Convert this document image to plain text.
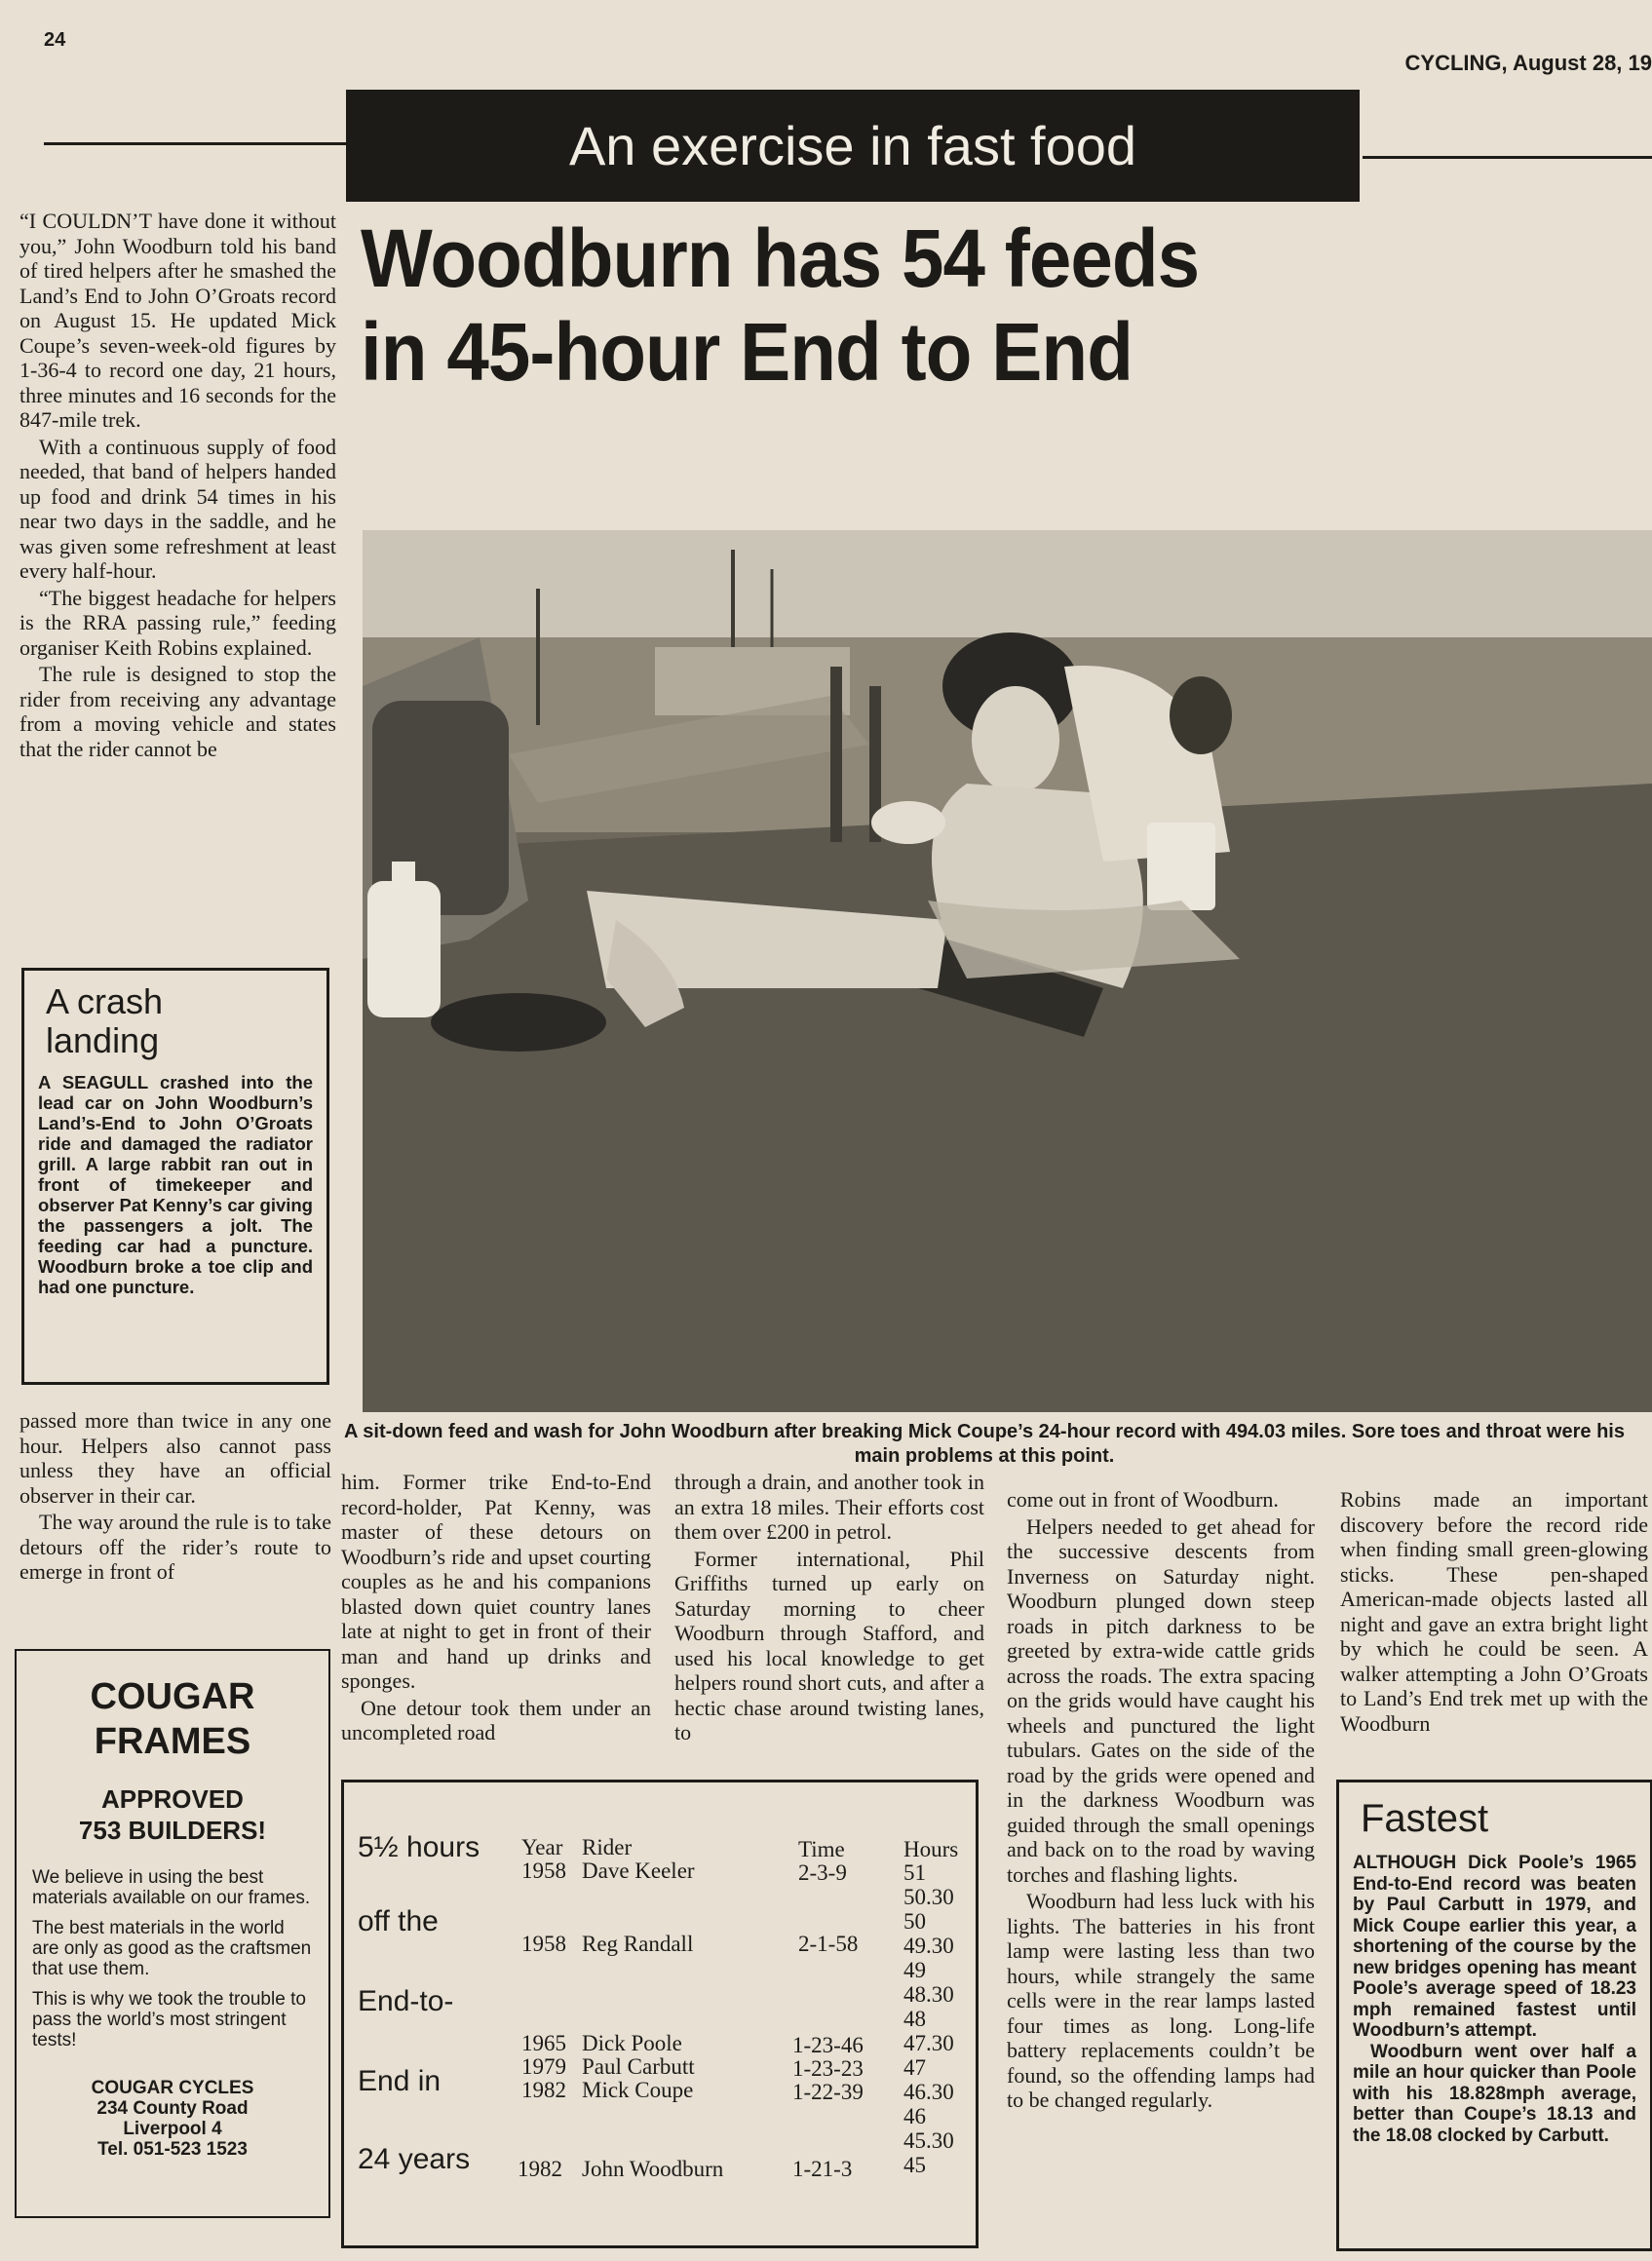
24
CYCLING, August 28, 19
An exercise in fast food
Woodburn has 54 feeds
in 45-hour End to End

“I COULDN’T have done it without you,” John Woodburn told his band of tired helpers after he smashed the Land’s End to John O’Groats record on August 15. He updated Mick Coupe’s seven-week-old figures by 1-36-4 to record one day, 21 hours, three minutes and 16 seconds for the 847-mile trek.

With a continuous supply of food needed, that band of helpers handed up food and drink 54 times in his near two days in the saddle, and he was given some refreshment at least every half-hour.

“The biggest headache for helpers is the RRA passing rule,” feeding organiser Keith Robins explained.

The rule is designed to stop the rider from receiving any advantage from a moving vehicle and states that the rider cannot be

A sit-down feed and wash for John Woodburn after breaking Mick Coupe’s 24-hour record with 494.03 miles. Sore toes and throat were his main problems at this point.
A crash
landing
A SEAGULL crashed into the lead car on John Woodburn’s Land’s-End to John O’Groats ride and damaged the radiator grill. A large rabbit ran out in front of timekeeper and observer Pat Kenny’s car giving the passengers a jolt. The feeding car had a puncture. Woodburn broke a toe clip and had one puncture.

passed more than twice in any one hour. Helpers also cannot pass unless they have an official observer in their car.

The way around the rule is to take detours off the rider’s route to emerge in front of

COUGAR
FRAMES
APPROVED
753 BUILDERS!

We believe in using the best materials available on our frames.

The best materials in the world are only as good as the craftsmen that use them.

This is why we took the trouble to pass the world’s most stringent tests!

COUGAR CYCLES
234 County Road
Liverpool 4
Tel. 051-523 1523

him. Former trike End-to-End record-holder, Pat Kenny, was master of these detours on Woodburn’s ride and upset courting couples as he and his companions blasted down quiet country lanes late at night to get in front of their man and hand up drinks and sponges.

One detour took them under an uncompleted road

through a drain, and another took in an extra 18 miles. Their efforts cost them over £200 in petrol.

Former international, Phil Griffiths turned up early on Saturday morning to cheer Woodburn through Stafford, and used his local knowledge to get helpers round short cuts, and after a hectic chase around twisting lanes, to

come out in front of Woodburn.

Helpers needed to get ahead for the successive descents from Inverness on Saturday night. Woodburn plunged down steep roads in pitch darkness to be greeted by extra-wide cattle grids across the roads. The extra spacing on the grids would have caught his wheels and punctured the light tubulars. Gates on the side of the road by the grids were opened and in the darkness Woodburn was guided through the small openings and back on to the road by waving torches and flashing lights.

Woodburn had less luck with his lights. The batteries in his front lamp were lasting less than two hours, while strangely the same cells were in the rear lamps lasted four times as long. Long-life battery replacements couldn’t be found, so the offending lamps had to be changed regularly.

Robins made an important discovery before the record ride when finding small green-glowing sticks. These pen-shaped American-made objects lasted all night and gave an extra bright light by which he could be seen. A walker attempting a John O’Groats to Land’s End trek met up with the Woodburn

5½ hours
off the
End-to-
End in
24 years
Year Rider	Time	Hours
1958 Dave Keeler	2-3-9
1958 Reg Randall	2-1-58
1965 Dick Poole	1-23-46
1979 Paul Carbutt	1-23-23
1982 Mick Coupe	1-22-39
1982 John Woodburn	1-21-3
51
50.30
50
49.30
49
48.30
48
47.30
47
46.30
46
45.30
45
Fastest
ALTHOUGH Dick Poole’s 1965 End-to-End record was beaten by Paul Carbutt in 1979, and Mick Coupe earlier this year, a shortening of the course by the new bridges opening has meant Poole’s average speed of 18.23 mph remained fastest until Woodburn’s attempt.
Woodburn went over half a mile an hour quicker than Poole with his 18.828mph average, better than Coupe’s 18.13 and the 18.08 clocked by Carbutt.
